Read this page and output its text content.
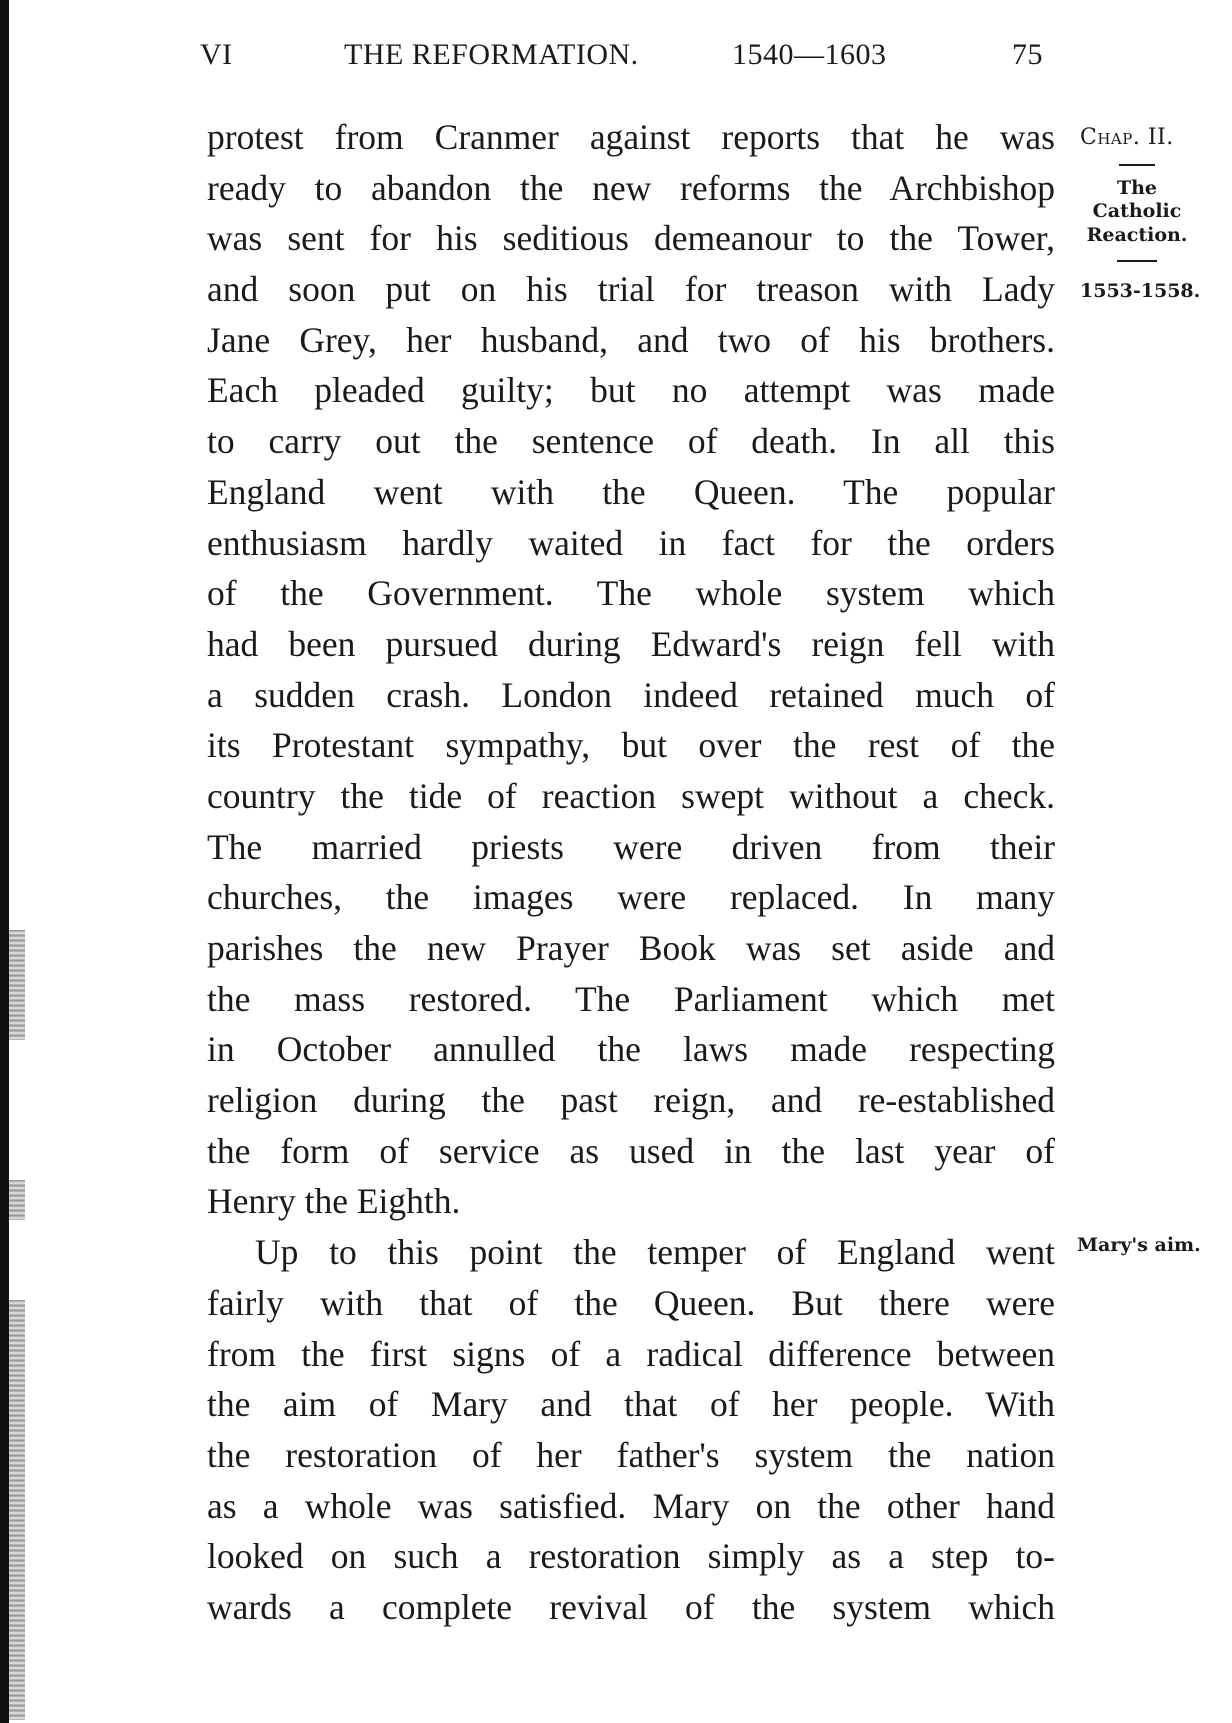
VI	THE REFORMATION.	1540—1603	75
protest from Cranmer against reports that he was
ready to abandon the new reforms the Archbishop
was sent for his seditious demeanour to the Tower,
and soon put on his trial for treason with Lady
Jane Grey, her husband, and two of his brothers.
Each pleaded guilty; but no attempt was made
to carry out the sentence of death. In all this
England went with the Queen. The popular
enthusiasm hardly waited in fact for the orders
of the Government. The whole system which
had been pursued during Edward's reign fell with
a sudden crash. London indeed retained much of
its Protestant sympathy, but over the rest of the
country the tide of reaction swept without a check.
The married priests were driven from their
churches, the images were replaced. In many
parishes the new Prayer Book was set aside and
the mass restored. The Parliament which met
in October annulled the laws made respecting
religion during the past reign, and re-established
the form of service as used in the last year of
Henry the Eighth.
Up to this point the temper of England went
fairly with that of the Queen. But there were
from the first signs of a radical difference between
the aim of Mary and that of her people. With
the restoration of her father's system the nation
as a whole was satisfied. Mary on the other hand
looked on such a restoration simply as a step to-
wards a complete revival of the system which
Chap. II.
The
Catholic
Reaction.
1553-1558.
Mary's aim.
